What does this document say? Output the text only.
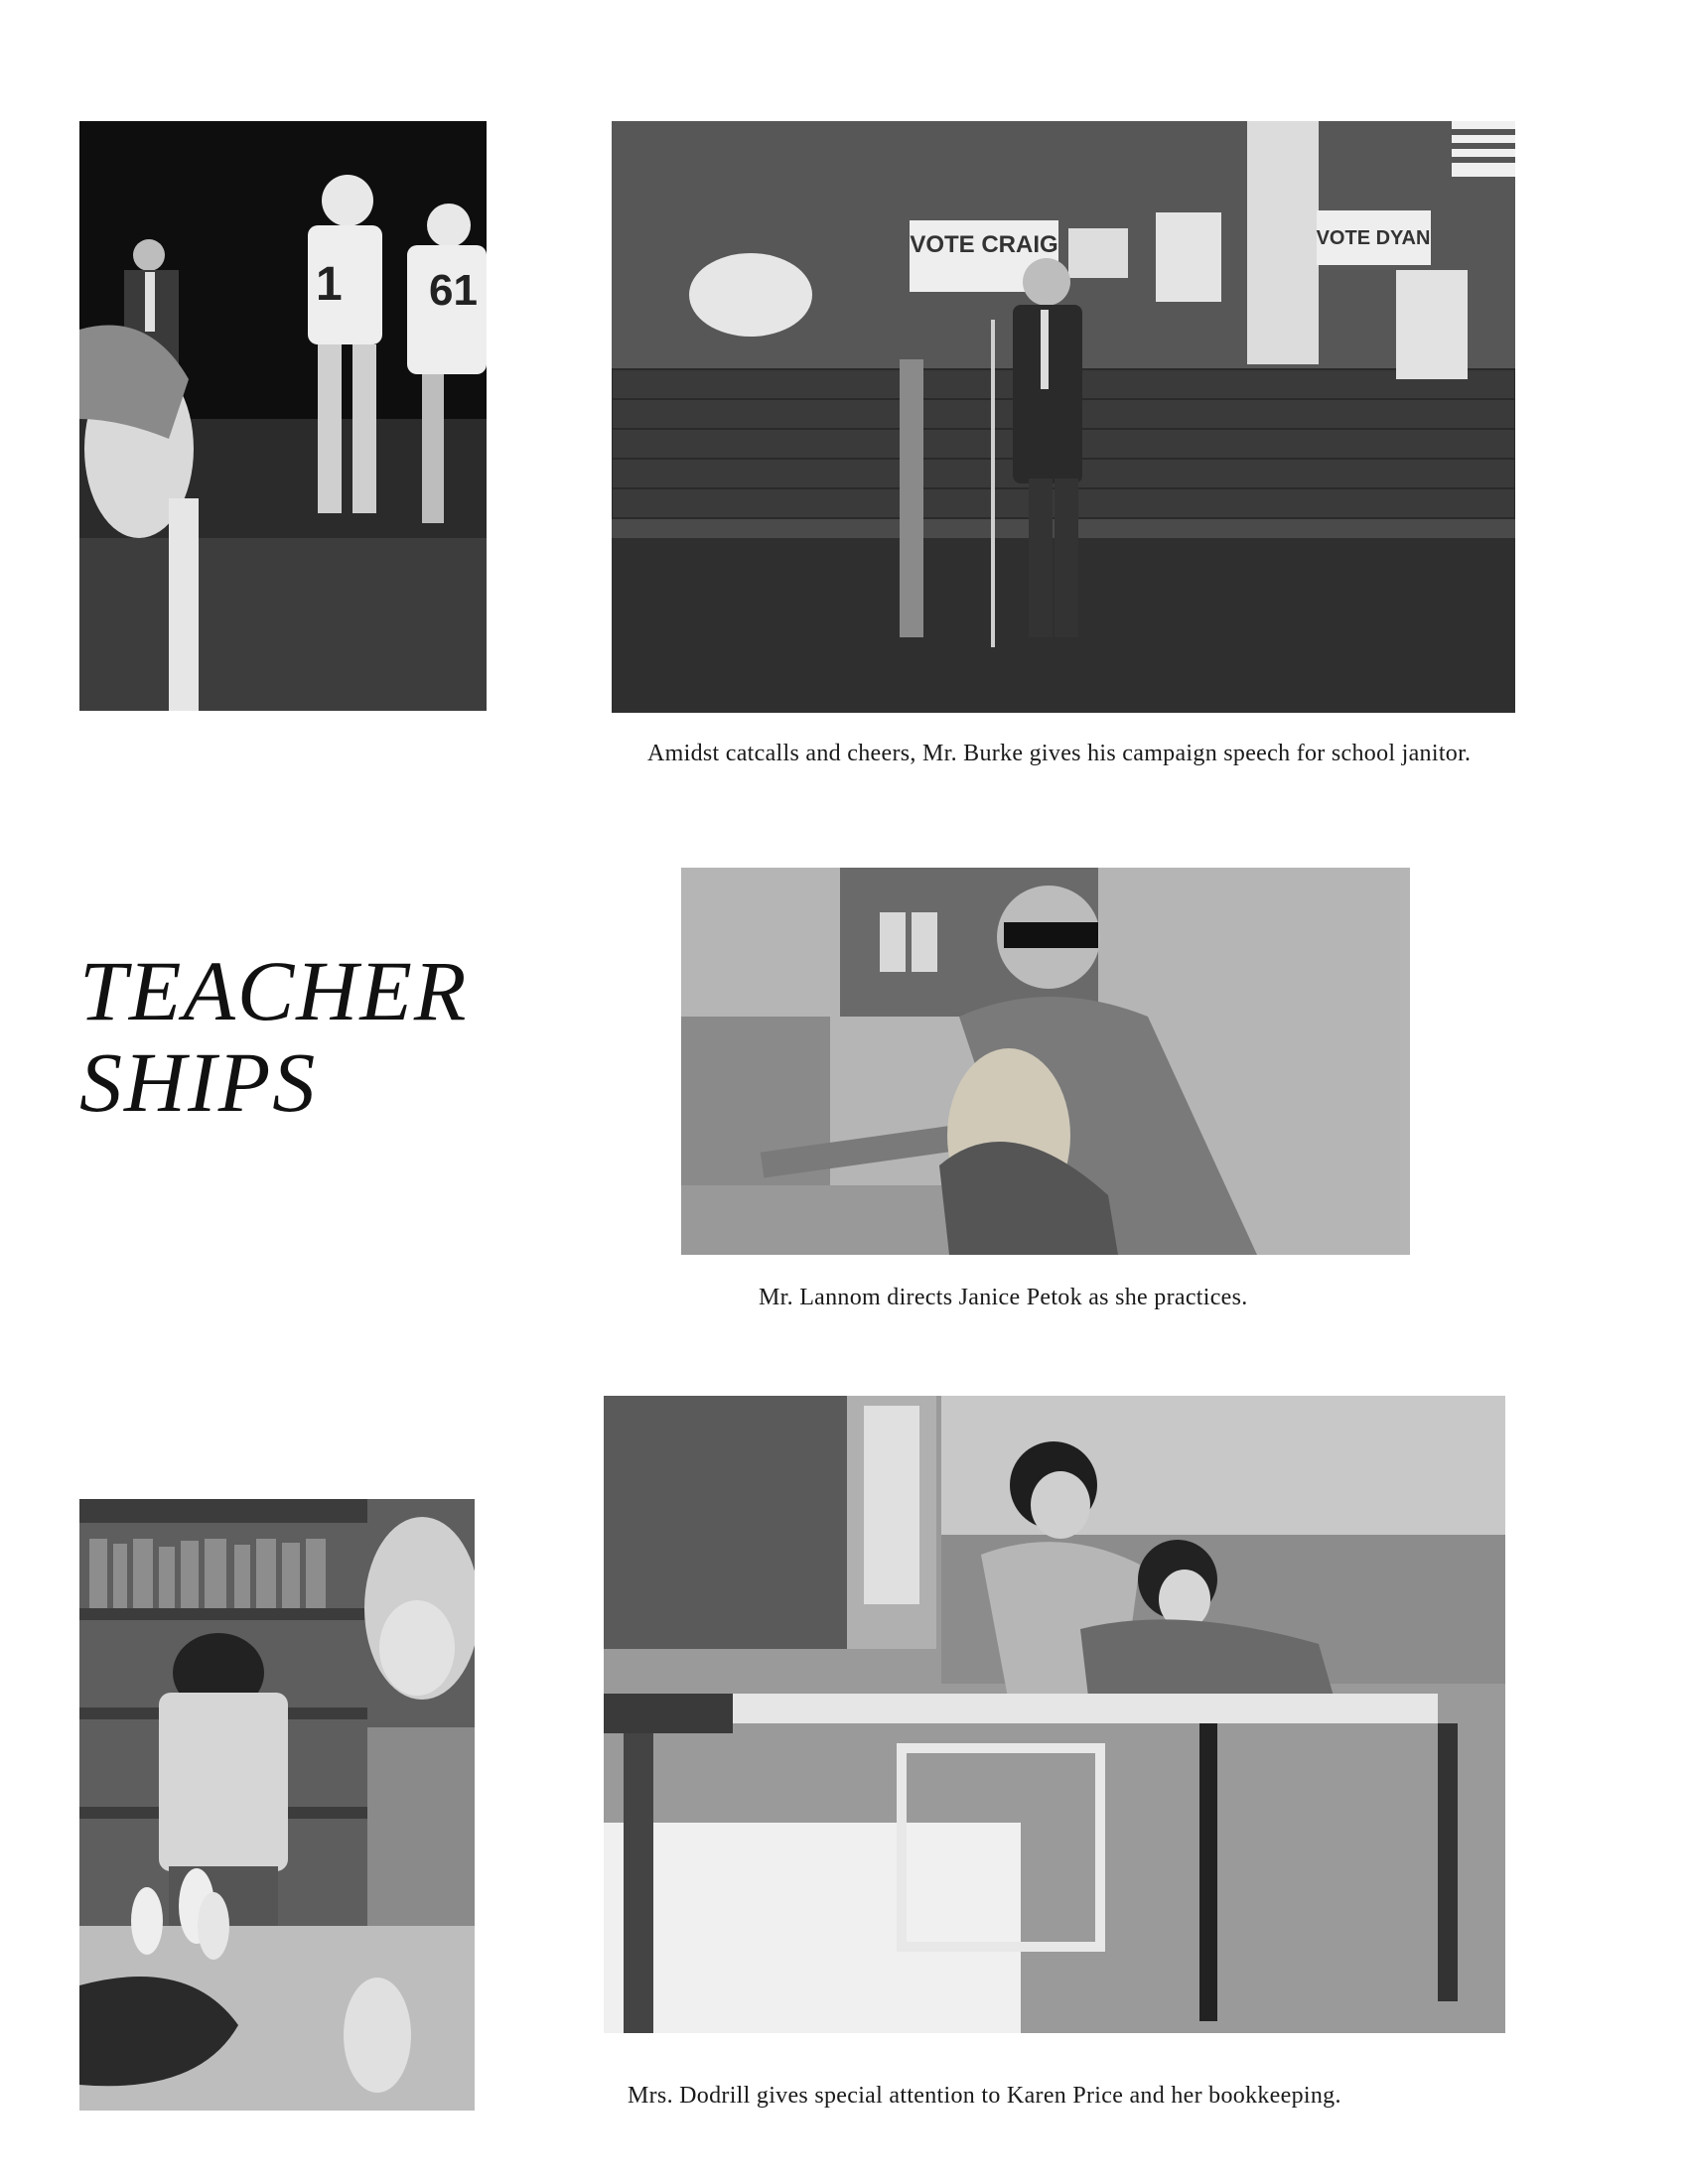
1 61
VOTE CRAIG	VOTE DYAN
Amidst catcalls and cheers, Mr. Burke gives his campaign speech for school janitor.
TEACHER
SHIPS
Mr. Lannom directs Janice Petok as she practices.
Mrs. Dodrill gives special attention to Karen Price and her bookkeeping.
